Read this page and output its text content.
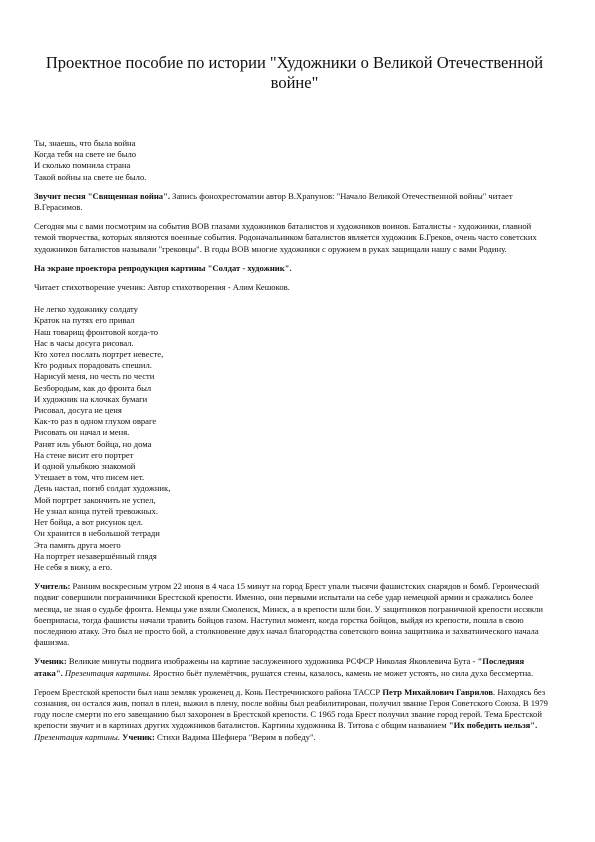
Проектное пособие по истории "Художники о Великой Отечественной войне"
Ты, знаешь, что была война
Когда тебя на свете не было
И сколько помнила страна
Такой войны на свете не было.

Звучит песня "Священная война". Запись фонохрестоматии автор В.Храпунов: "Начало Великой Отечественной войны" читает В.Герасимов.

Сегодня мы с вами посмотрим на события ВОВ глазами художников баталистов и художников воинов. Баталисты - художники, главной темой творчества, которых являются военные события. Родоначальником баталистов является художник Б.Греков, очень часто советских художников баталистов называли "грековцы". В годы ВОВ многие художники с оружием в руках защищали нашу с вами Родину.

На экране проектора репродукция картины "Солдат - художник".

Читает стихотворение ученик: Автор стихотворения - Алим Кешоков.

Не легко художнику солдату
Краток на путях его привал
Наш товарищ фронтовой когда-то
Нас в часы досуга рисовал.
Кто хотел послать портрет невесте,
Кто родных порадовать спешил.
Нарисуй меня, но честь по чести
Безбородым, как до фронта был
И художник на клочках бумаги
Рисовал, досуга не ценя
Как-то раз в одном глухом овраге
Рисовать он начал и меня.
Ранят иль убьют бойца, но дома
На стене висит его портрет
И одной улыбкою знакомой
Утешает в том, что писем нет.
День настал, погиб солдат художник,
Мой портрет закончить не успел,
Не узнал конца путей тревожных.
Нет бойца, а вот рисунок цел.
Он хранится в небольшой тетради
Эта память друга моего
На портрет незавершённый глядя
Не себя я вижу, а его.

Учитель: Ранним воскресным утром 22 июня в 4 часа 15 минут на город Брест упали тысячи фашистских снарядов и бомб. Героический подвиг совершили пограничники Брестской крепости. Именно, они первыми испытали на себе удар немецкой армии и сражались более месяца, не зная о судьбе фронта. Немцы уже взяли Смоленск, Минск, а в крепости шли бои. У защитников пограничной крепости иссякли боеприпасы, тогда фашисты начали травить бойцов газом. Наступил момент, когда горстка бойцов, выйдя из крепости, пошла в свою последнюю атаку. Это был не просто бой, а столкновение двух начал благородства советского воина защитника и захватнического начала фашизма.

Ученик: Великие минуты подвига изображены на картине заслуженного художника РСФСР Николая Яковлевича Бута - "Последняя атака". Презентация картины. Яростно бьёт пулемётчик, рушатся стены, казалось, камень не может устоять, но сила духа бессмертна.

Героем Брестской крепости был наш земляк уроженец д. Конь Пестречинского района ТАССР Петр Михайлович Гаврилов. Находясь без сознания, он остался жив, попал в плен, выжил в плену, после войны был реабилитирован, получил звание Героя Советского Союза. В 1979 году после смерти по его завещанию был захоронен в Брестской крепости. С 1965 года Брест получил звание город герой. Тема Брестской крепости звучит и в картинах других художников баталистов. Картины художника В. Титова с общим названием "Их победить нельзя". Презентация картины. Ученик: Стихи Вадима Шефнера "Верим в победу".
